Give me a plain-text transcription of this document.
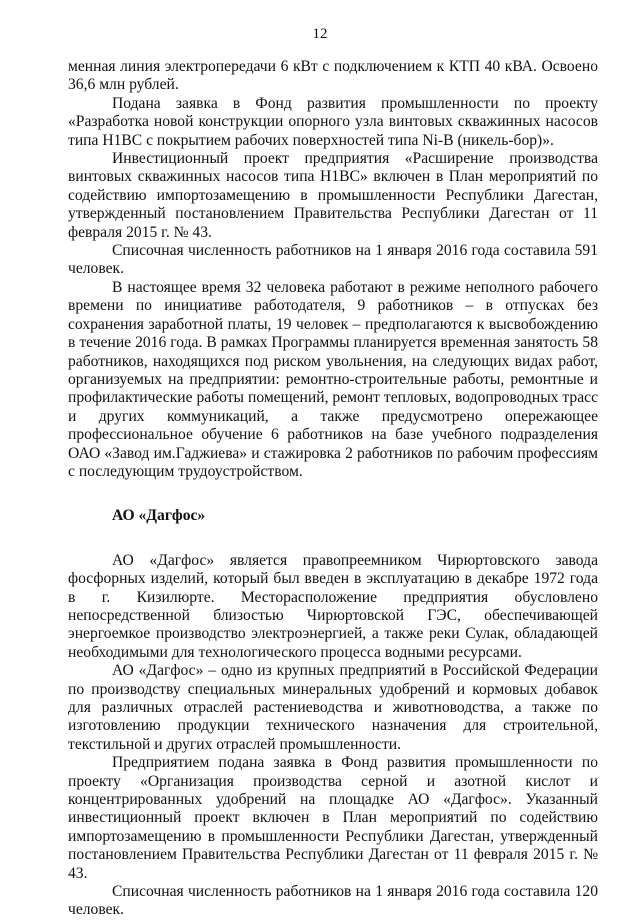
12

менная линия электропередачи 6 кВт с подключением к КТП 40 кВА. Освоено 36,6 млн рублей.

Подана заявка в Фонд развития промышленности по проекту «Разработка новой конструкции опорного узла винтовых скважинных насосов типа Н1ВС с покрытием рабочих поверхностей типа Ni-В (никель-бор)».

Инвестиционный проект предприятия «Расширение производства винтовых скважинных насосов типа Н1ВС» включен в План мероприятий по содействию импортозамещению в промышленности Республики Дагестан, утвержденный постановлением Правительства Республики Дагестан от 11 февраля 2015 г. № 43.

Списочная численность работников на 1 января 2016 года составила 591 человек.

В настоящее время 32 человека работают в режиме неполного рабочего времени по инициативе работодателя, 9 работников – в отпусках без сохранения заработной платы, 19 человек – предполагаются к высвобождению в течение 2016 года. В рамках Программы планируется временная занятость 58 работников, находящихся под риском увольнения, на следующих видах работ, организуемых на предприятии: ремонтно-строительные работы, ремонтные и профилактические работы помещений, ремонт тепловых, водопроводных трасс и других коммуникаций, а также предусмотрено опережающее профессиональное обучение 6 работников на базе учебного подразделения ОАО «Завод им.Гаджиева» и стажировка 2 работников по рабочим профессиям с последующим трудоустройством.

АО «Дагфос»

АО «Дагфос» является правопреемником Чирюртовского завода фосфорных изделий, который был введен в эксплуатацию в декабре 1972 года в г. Кизилюрте. Месторасположение предприятия обусловлено непосредственной близостью Чирюртовской ГЭС, обеспечивающей энергоемкое производство электроэнергией, а также реки Сулак, обладающей необходимыми для технологического процесса водными ресурсами.

АО «Дагфос» – одно из крупных предприятий в Российской Федерации по производству специальных минеральных удобрений и кормовых добавок для различных отраслей растениеводства и животноводства, а также по изготовлению продукции технического назначения для строительной, текстильной и других отраслей промышленности.

Предприятием подана заявка в Фонд развития промышленности по проекту «Организация производства серной и азотной кислот и концентрированных удобрений на площадке АО «Дагфос». Указанный инвестиционный проект включен в План мероприятий по содействию импортозамещению в промышленности Республики Дагестан, утвержденный постановлением Правительства Республики Дагестан от 11 февраля 2015 г. № 43.

Списочная численность работников на 1 января 2016 года составила 120 человек.
